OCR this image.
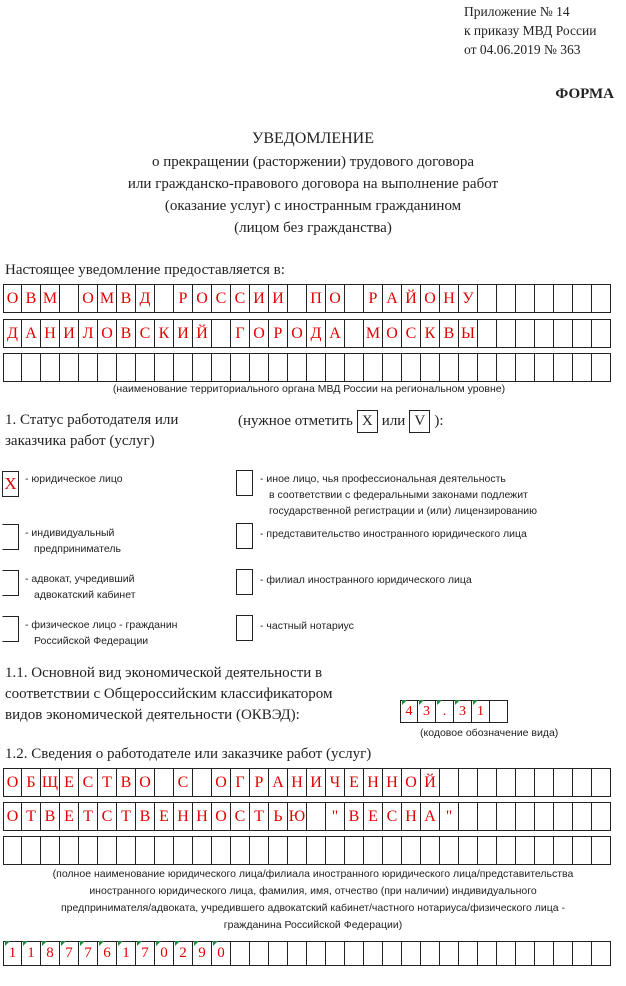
Приложение № 14
к приказу МВД России
от 04.06.2019 № 363
ФОРМА
УВЕДОМЛЕНИЕ
о прекращении (расторжении) трудового договора
или гражданско-правового договора на выполнение работ
(оказание услуг) с иностранным гражданином
(лицом без гражданства)
Настоящее уведомление предоставляется в:
О В М О М В Д Р О С С И И П О Р А Й О Н У
Д А Н И Л О В С К И Й Г О Р О Д А М О С К В Ы
(наименование территориального органа МВД России на региональном уровне)
1. Статус работодателя или
заказчика работ (услуг)
(нужное отметить X или V ):
X - юридическое лицо
- индивидуальный
предприниматель
- адвокат, учредивший
адвокатский кабинет
- физическое лицо - гражданин
Российской Федерации
- иное лицо, чья профессиональная деятельность
в соответствии с федеральными законами подлежит
государственной регистрации и (или) лицензированию
- представительство иностранного юридического лица
- филиал иностранного юридического лица
- частный нотариус
1.1. Основной вид экономической деятельности в
соответствии с Общероссийским классификатором
видов экономической деятельности (ОКВЭД):	4 3 . 3 1
(кодовое обозначение вида)
1.2. Сведения о работодателе или заказчике работ (услуг)
О Б Щ Е С Т В О С О Г Р А Н И Ч Е Н Н О Й
О Т В Е Т С Т В Е Н Н О С Т Ь Ю	" В Е С Н А "
(полное наименование юридического лица/филиала иностранного юридического лица/представительства
иностранного юридического лица, фамилия, имя, отчество (при наличии) индивидуального
предпринимателя/адвоката, учредившего адвокатский кабинет/частного нотариуса/физического лица -
гражданина Российской Федерации)
1 1 8 7 7 6 1 7 0 2 9 0
